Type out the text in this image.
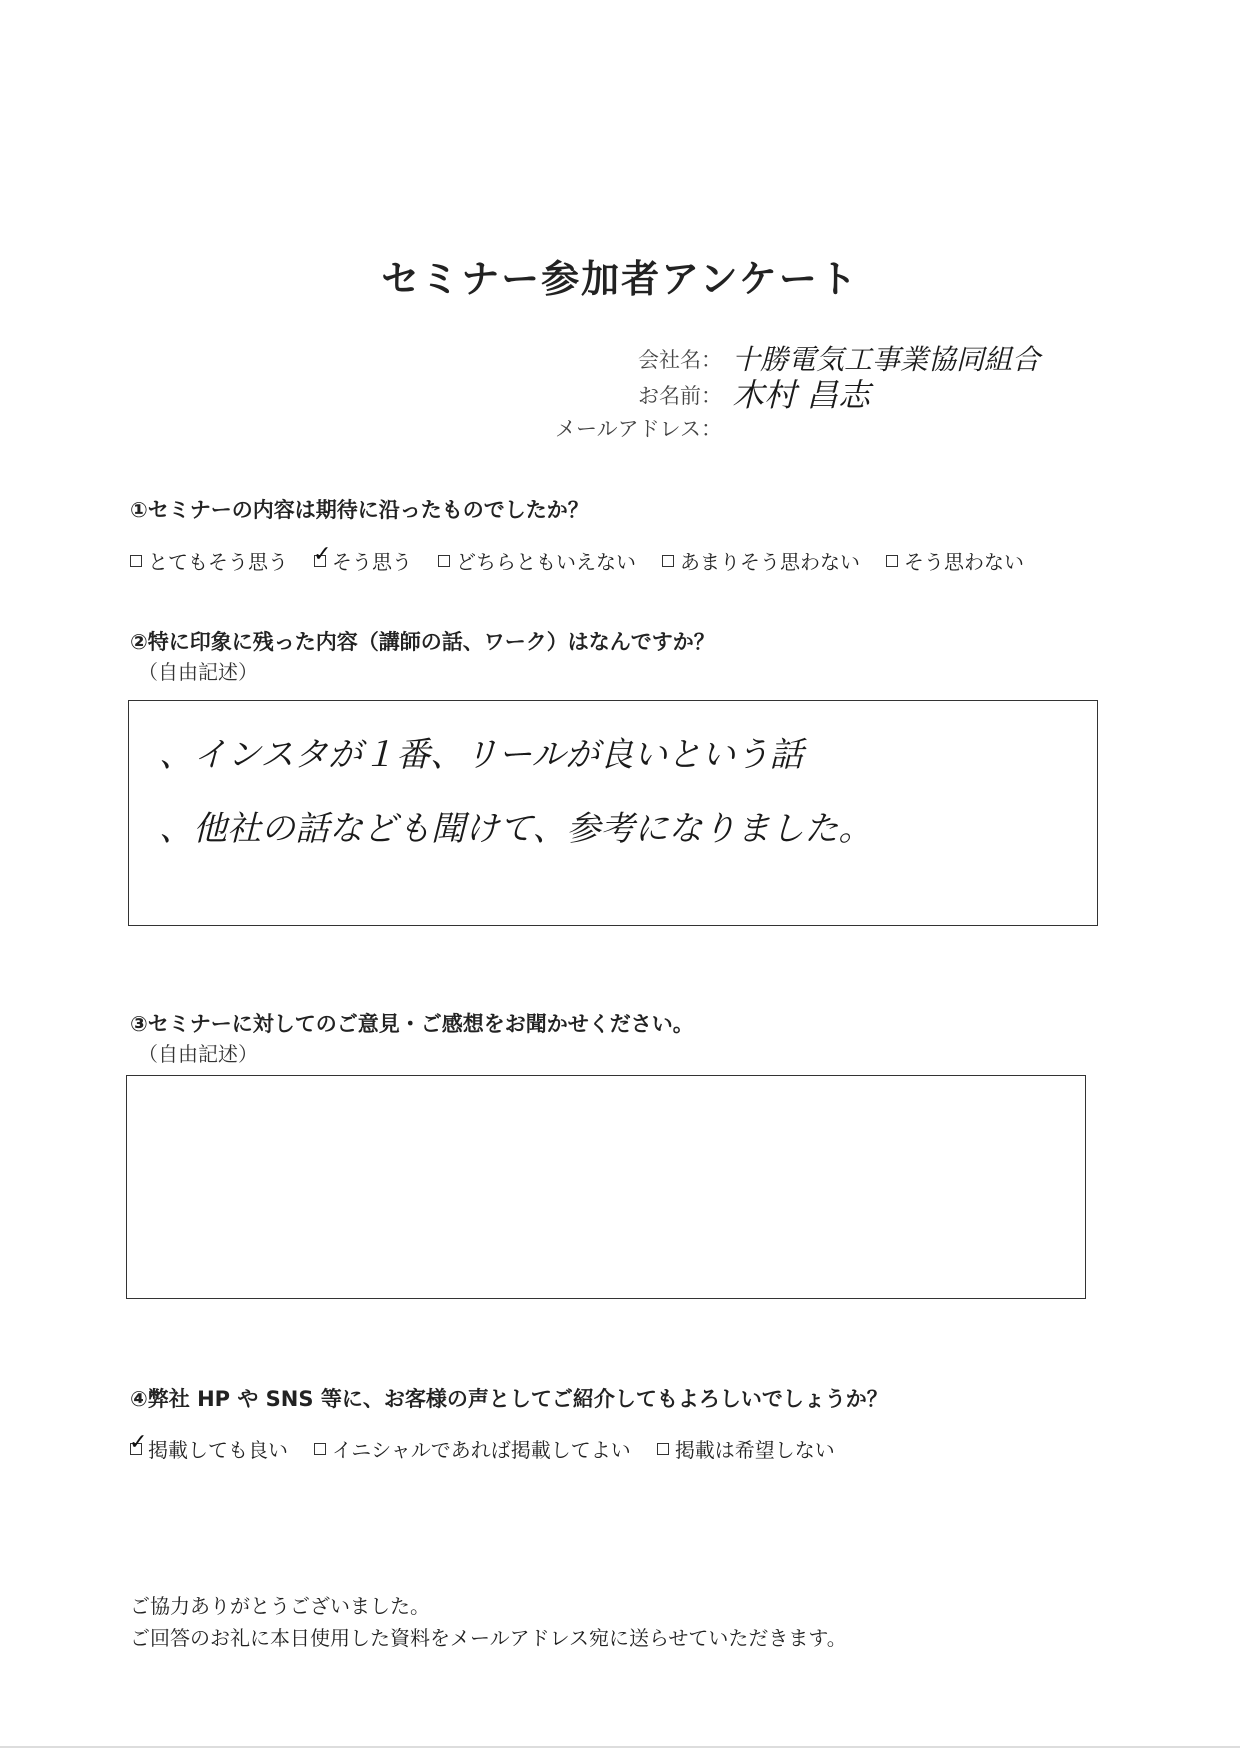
セミナー参加者アンケート
会社名： 十勝電気工事業協同組合
お名前： 木村 昌志
メールアドレス：
①セミナーの内容は期待に沿ったものでしたか？
とてもそう思う
✓ そう思う どちらともいえない あまりそう思わない そう思わない
②特に印象に残った内容（講師の話、ワーク）はなんですか？
（自由記述）
、インスタが１番、リールが良いという話
、他社の話なども聞けて、参考になりました。
③セミナーに対してのご意見・ご感想をお聞かせください。
（自由記述）
④弊社 HP や SNS 等に、お客様の声としてご紹介してもよろしいでしょうか？
✓
掲載しても良い イニシャルであれば掲載してよい 掲載は希望しない
ご協力ありがとうございました。
ご回答のお礼に本日使用した資料をメールアドレス宛に送らせていただきます。
